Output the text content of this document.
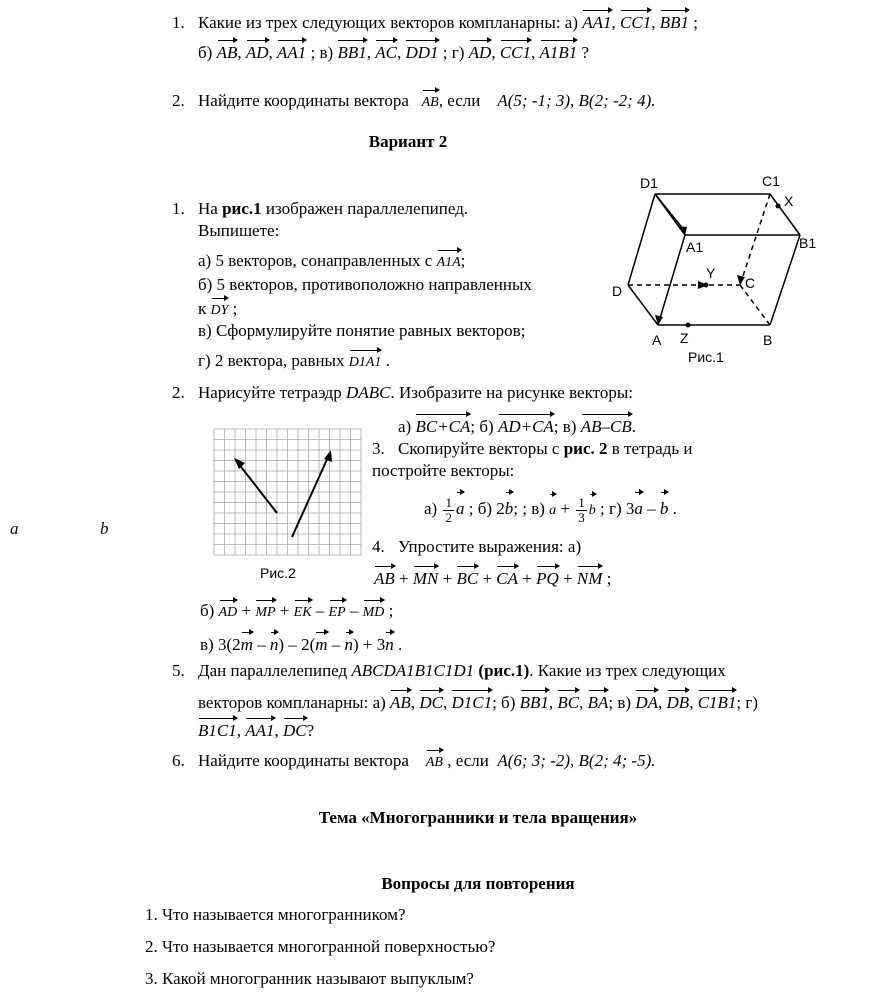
1. Какие из трех следующих векторов компланарны: а) AA1, CC1, BB1 ;
б) AB, AD, AA1 ; в) BB1, AC, DD1 ; г) AD, CC1, A1B1 ?
2. Найдите координаты вектора AB, если A(5; -1; 3), B(2; -2; 4).
Вариант 2
1. На рис.1 изображен параллелепипед.
Выпишете:
а) 5 векторов, сонаправленных с A1A;
б) 5 векторов, противоположно направленных
к DY ;
в) Сформулируйте понятие равных векторов;
г) 2 вектора, равных D1A1 .
D1	C1
X
B1
A1
Y
C
D
A Z	B
Рис.1
2. Нарисуйте тетраэдр DABC. Изобразите на рисунке векторы:
а) BC+CA; б) AD+CA; в) AB–CB.
Рис.2
a	b
3. Скопируйте векторы с рис. 2 в тетрадь и
постройте векторы:
$а) \frac{1}{2}$ a ; б) 2b; ; в) $a + \frac{1}{3}$ b ; г) 3a – b .
4. Упростите выражения: а)
AB + MN + BC + CA + PQ + NM ;
б) AD + MP + EK – EP – MD ;
в) 3(2m – n) – 2(m – n) + 3n .
5. Дан параллелепипед ABCDA1B1C1D1 (рис.1). Какие из трех следующих
векторов компланарны: а) AB, DC, D1C1; б) BB1, BC, BA; в) DA, DB, C1B1; г)
B1C1, AA1, DC?
6. Найдите координаты вектора AB , если A(6; 3; -2), B(2; 4; -5).
Тема «Многогранники и тела вращения»
Вопросы для повторения
1. Что называется многогранником?
2. Что называется многогранной поверхностью?
3. Какой многогранник называют выпуклым?
